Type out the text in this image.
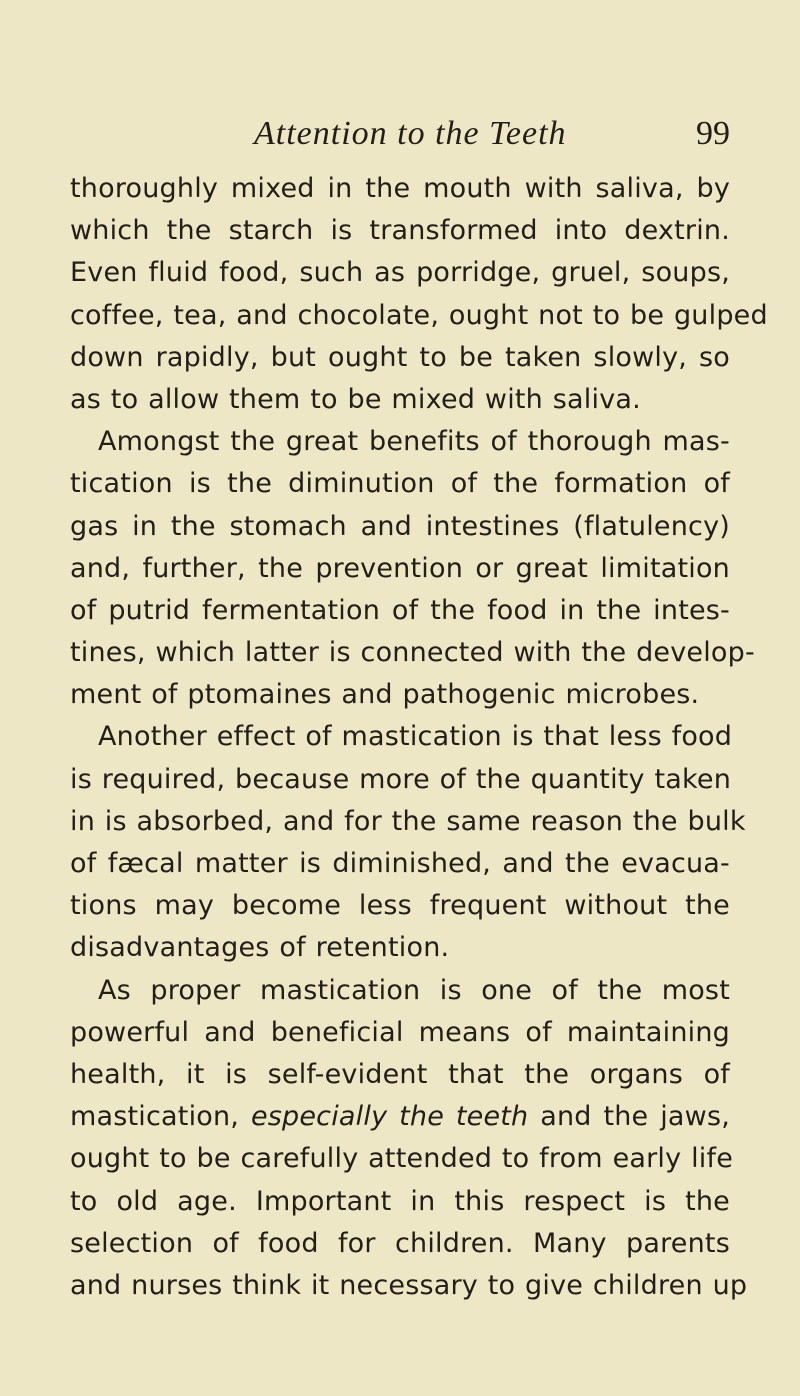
Attention to the Teeth	99
thoroughly mixed in the mouth with saliva, by
which the starch is transformed into dextrin.
Even fluid food, such as porridge, gruel, soups,
coffee, tea, and chocolate, ought not to be gulped
down rapidly, but ought to be taken slowly, so
as to allow them to be mixed with saliva.
Amongst the great benefits of thorough mas-
tication is the diminution of the formation of
gas in the stomach and intestines (flatulency)
and, further, the prevention or great limitation
of putrid fermentation of the food in the intes-
tines, which latter is connected with the develop-
ment of ptomaines and pathogenic microbes.
Another effect of mastication is that less food
is required, because more of the quantity taken
in is absorbed, and for the same reason the bulk
of fæcal matter is diminished, and the evacua-
tions may become less frequent without the
disadvantages of retention.
As proper mastication is one of the most
powerful and beneficial means of maintaining
health, it is self-evident that the organs of
mastication, especially the teeth and the jaws,
ought to be carefully attended to from early life
to old age. Important in this respect is the
selection of food for children. Many parents
and nurses think it necessary to give children up
